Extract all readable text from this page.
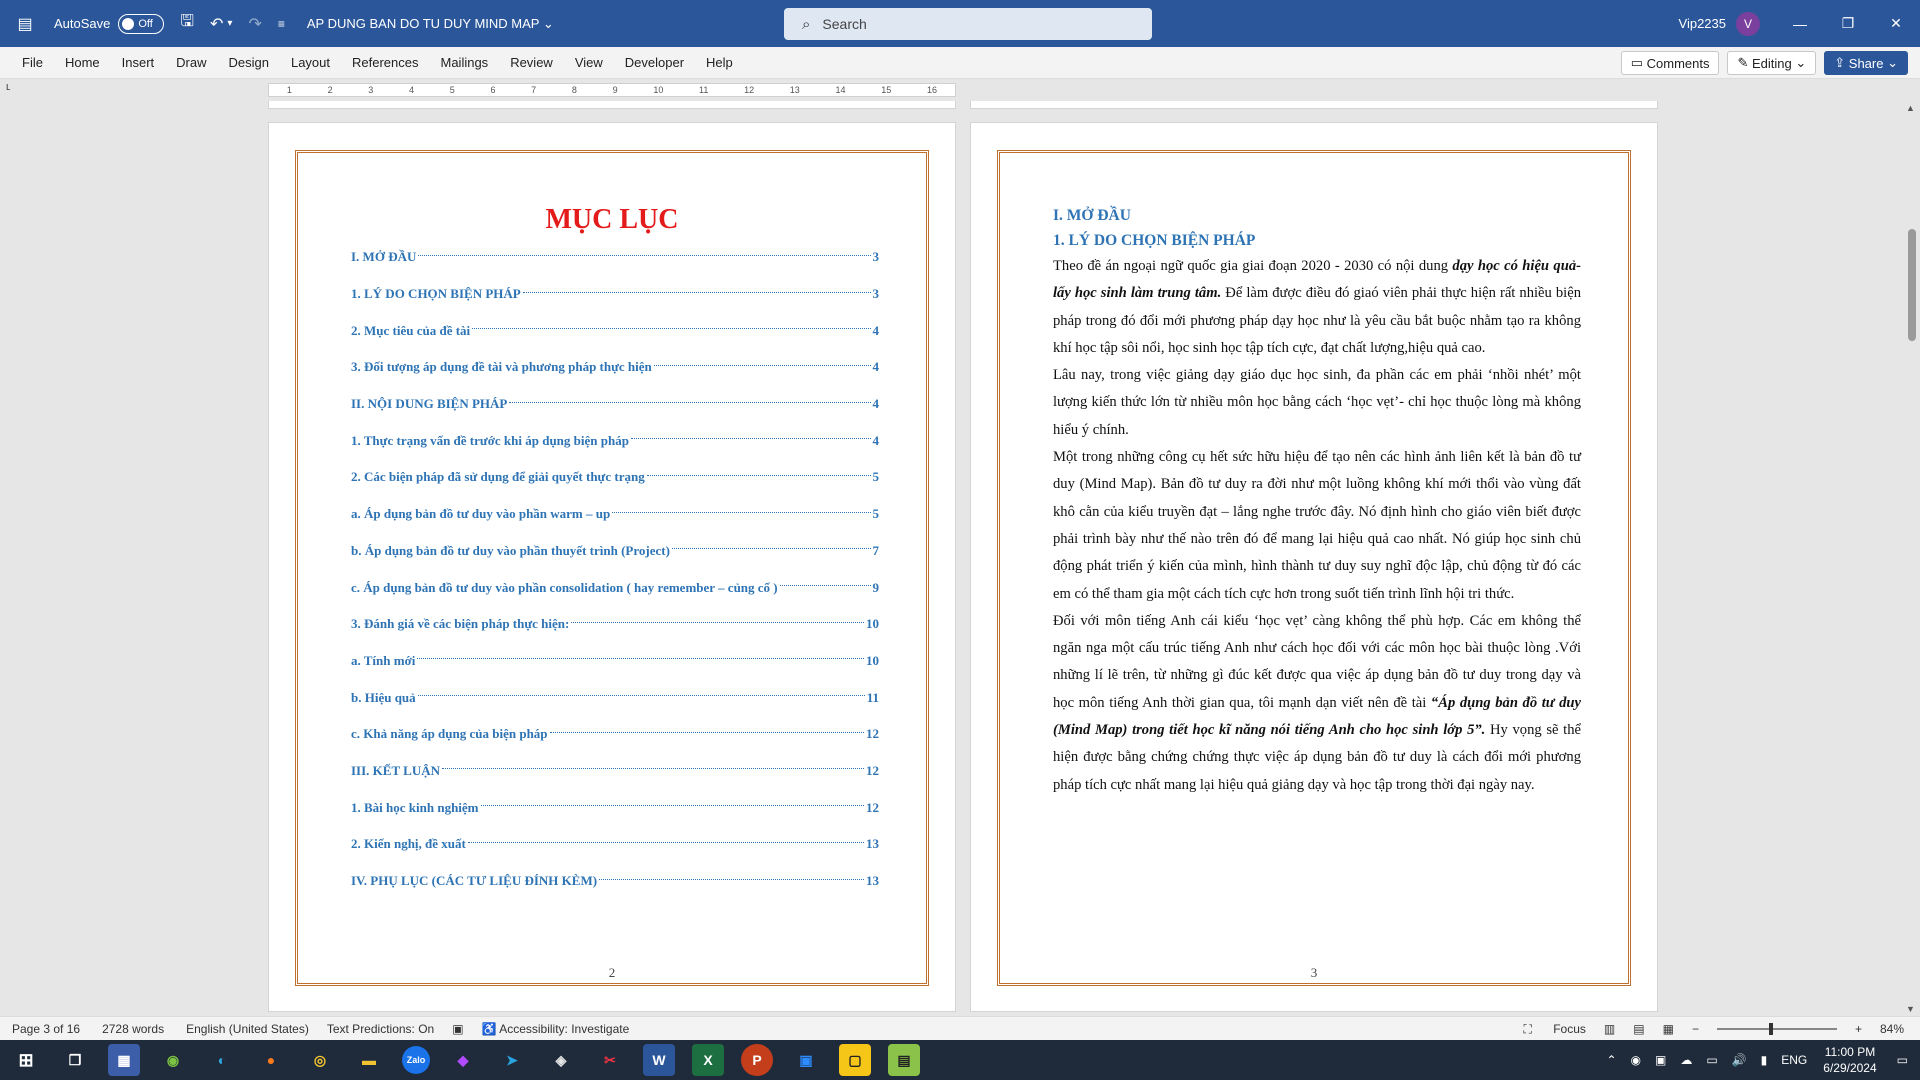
▤ AutoSave	Off 🖫 ↶ ▾ ↷ ≡ AP DUNG BAN DO TU DUY MIND MAP ⌄	⌕ Search	Vip2235	V	—	❐	✕
File Home Insert Draw Design Layout References Mailings Review View Developer Help	▭ Comments ✎ Editing ⌄ ⇪ Share ⌄
ʟ	1	2	3	4	5	6	7	8	9	10	11	12	13	14	15	16
MỤC LỤC
I. MỞ ĐẦU	3
1. LÝ DO CHỌN BIỆN PHÁP	3
2. Mục tiêu của đề tài	4
3. Đối tượng áp dụng đề tài và phương pháp thực hiện	4
II. NỘI DUNG BIỆN PHÁP	4
1. Thực trạng vấn đề trước khi áp dụng biện pháp	4
2. Các biện pháp đã sử dụng để giải quyết thực trạng	5
a. Áp dụng bản đồ tư duy vào phần warm – up	5
b. Áp dụng bản đồ tư duy vào phần thuyết trình (Project)	7
c. Áp dụng bản đồ tư duy vào phần consolidation ( hay remember – củng cố )	9
3. Đánh giá về các biện pháp thực hiện:	10
a. Tính mới	10
b. Hiệu quả	11
c. Khả năng áp dụng của biện pháp	12
III. KẾT LUẬN	12
1. Bài học kinh nghiệm	12
2. Kiến nghị, đề xuất	13
IV. PHỤ LỤC (CÁC TƯ LIỆU ĐÍNH KÈM)	13
2
I. MỞ ĐẦU
1. LÝ DO CHỌN BIỆN PHÁP

Theo đề án ngoại ngữ quốc gia giai đoạn 2020 - 2030 có nội dung dạy học có hiệu quả- lấy học sinh làm trung tâm. Để làm được điều đó giaó viên phải thực hiện rất nhiều biện pháp trong đó đổi mới phương pháp dạy học như là yêu cầu bắt buộc nhằm tạo ra không khí học tập sôi nổi, học sinh học tập tích cực, đạt chất lượng,hiệu quả cao.

Lâu nay, trong việc giảng dạy giáo dục học sinh, đa phần các em phải ‘nhồi nhét’ một lượng kiến thức lớn từ nhiều môn học bằng cách ‘học vẹt’- chỉ học thuộc lòng mà không hiểu ý chính.

Một trong những công cụ hết sức hữu hiệu để tạo nên các hình ảnh liên kết là bản đồ tư duy (Mind Map). Bản đồ tư duy ra đời như một luồng không khí mới thổi vào vùng đất khô cằn của kiểu truyền đạt – lắng nghe trước đây. Nó định hình cho giáo viên biết được phải trình bày như thế nào trên đó để mang lại hiệu quả cao nhất. Nó giúp học sinh chủ động phát triển ý kiến của mình, hình thành tư duy suy nghĩ độc lập, chủ động từ đó các em có thể tham gia một cách tích cực hơn trong suốt tiến trình lĩnh hội tri thức.

Đối với môn tiếng Anh cái kiểu ‘học vẹt’ càng không thể phù hợp. Các em không thể ngăn nga một cấu trúc tiếng Anh như cách học đối với các môn học bài thuộc lòng .Với những lí lẽ trên, từ những gì đúc kết được qua việc áp dụng bản đồ tư duy trong dạy và học môn tiếng Anh thời gian qua, tôi mạnh dạn viết nên đề tài “Áp dụng bản đồ tư duy (Mind Map) trong tiết học kĩ năng nói tiếng Anh cho học sinh lớp 5”. Hy vọng sẽ thể hiện được bằng chứng chứng thực việc áp dụng bản đồ tư duy là cách đổi mới phương pháp tích cực nhất mang lại hiệu quả giảng dạy và học tập trong thời đại ngày nay.

3
▲
▼
Page 3 of 16 2728 words English (United States) Text Predictions: On ▣ ♿ Accessibility: Investigate	⛶ Focus ▥ ▤ ▦ −	+ 84%
⊞	❐	▦	◉	◐	●	◎	▬	Zalo	◆	➤	◈	✂	W	X	P	▣	▢	▤	⌃ ◉ ▣ ☁ ▭ 🔊 ▮ ENG
11:00 PM
6/29/2024
▭
